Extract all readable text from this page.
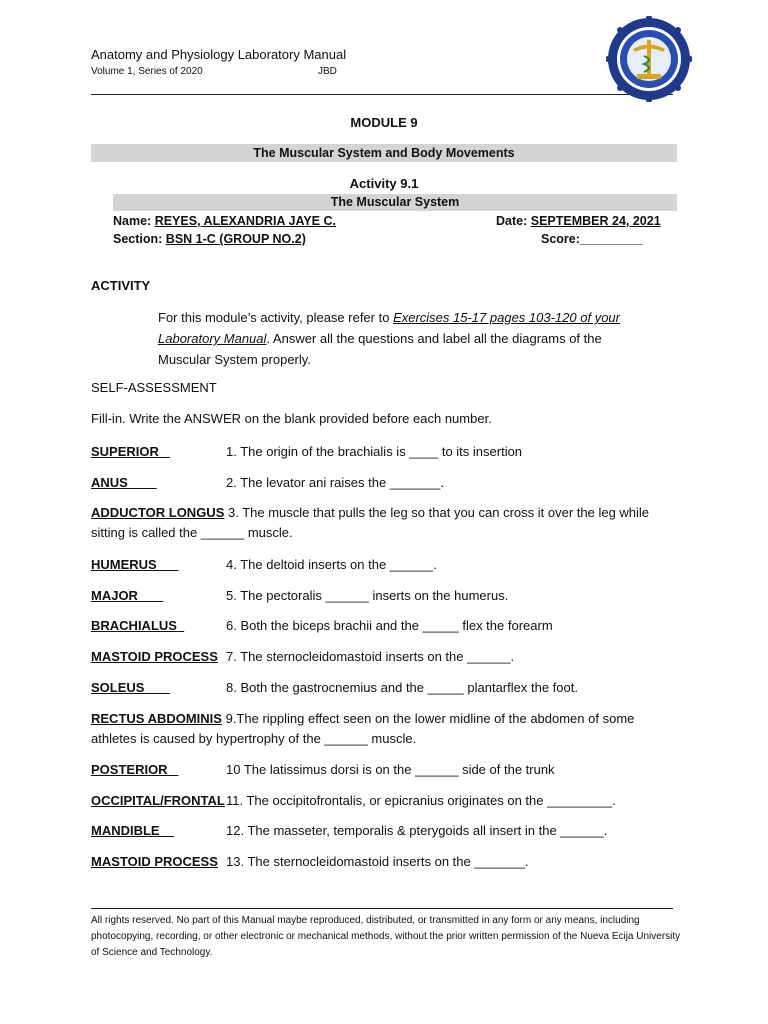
Anatomy and Physiology Laboratory Manual
Volume 1, Series of 2020	JBD
MODULE 9
The Muscular System and Body Movements
Activity 9.1
The Muscular System
Name: REYES, ALEXANDRIA JAYE C.	Date: SEPTEMBER 24, 2021
Section: BSN 1-C (GROUP NO.2)	Score:_________
ACTIVITY
For this module’s activity, please refer to Exercises 15-17 pages 103-120 of your Laboratory Manual. Answer all the questions and label all the diagrams of the Muscular System properly.
SELF-ASSESSMENT
Fill-in. Write the ANSWER on the blank provided before each number.
SUPERIOR	1. The origin of the brachialis is ____ to its insertion
ANUS	2. The levator ani raises the _______.
ADDUCTOR LONGUS 3. The muscle that pulls the leg so that you can cross it over the leg while sitting is called the ______ muscle.
HUMERUS	4. The deltoid inserts on the ______.
MAJOR	5. The pectoralis ______ inserts on the humerus.
BRACHIALUS	6. Both the biceps brachii and the _____ flex the forearm
MASTOID PROCESS 7. The sternocleidomastoid inserts on the ______.
SOLEUS	8. Both the gastrocnemius and the _____ plantarflex the foot.
RECTUS ABDOMINIS 9.The rippling effect seen on the lower midline of the abdomen of some athletes is caused by hypertrophy of the ______ muscle.
POSTERIOR	10 The latissimus dorsi is on the ______ side of the trunk
OCCIPITAL/FRONTAL 11. The occipitofrontalis, or epicranius originates on the _________.
MANDIBLE	12. The masseter, temporalis & pterygoids all insert in the ______.
MASTOID PROCESS 13. The sternocleidomastoid inserts on the _______.
All rights reserved. No part of this Manual maybe reproduced, distributed, or transmitted in any form or any means, including photocopying, recording, or other electronic or mechanical methods, without the prior written permission of the Nueva Ecija University of Science and Technology.
